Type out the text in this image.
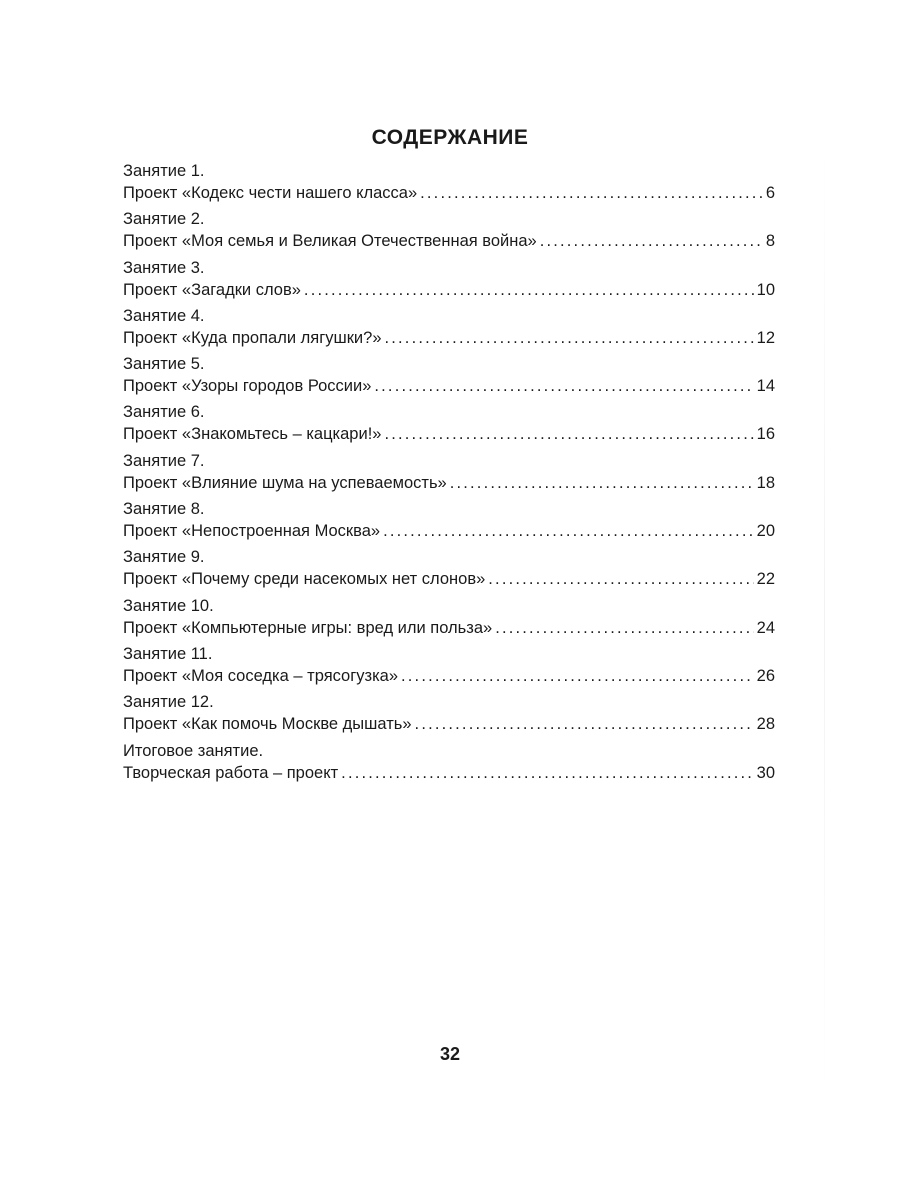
СОДЕРЖАНИЕ
Занятие 1.
Проект «Кодекс чести нашего класса» . . .	6
Занятие 2.
Проект «Моя семья и Великая Отечественная война» . . .	8
Занятие 3.
Проект «Загадки слов» . . .	10
Занятие 4.
Проект «Куда пропали лягушки?» . . .	12
Занятие 5.
Проект «Узоры городов России» . . .	14
Занятие 6.
Проект «Знакомьтесь – кацкари!» . . .	16
Занятие 7.
Проект «Влияние шума на успеваемость» . . .	18
Занятие 8.
Проект «Непостроенная Москва» . . .	20
Занятие 9.
Проект «Почему среди насекомых нет слонов» . . .	22
Занятие 10.
Проект «Компьютерные игры: вред или польза» . . .	24
Занятие 11.
Проект «Моя соседка – трясогузка» . . .	26
Занятие 12.
Проект «Как помочь Москве дышать» . . .	28
Итоговое занятие.
Творческая работа – проект . . .	30
32
